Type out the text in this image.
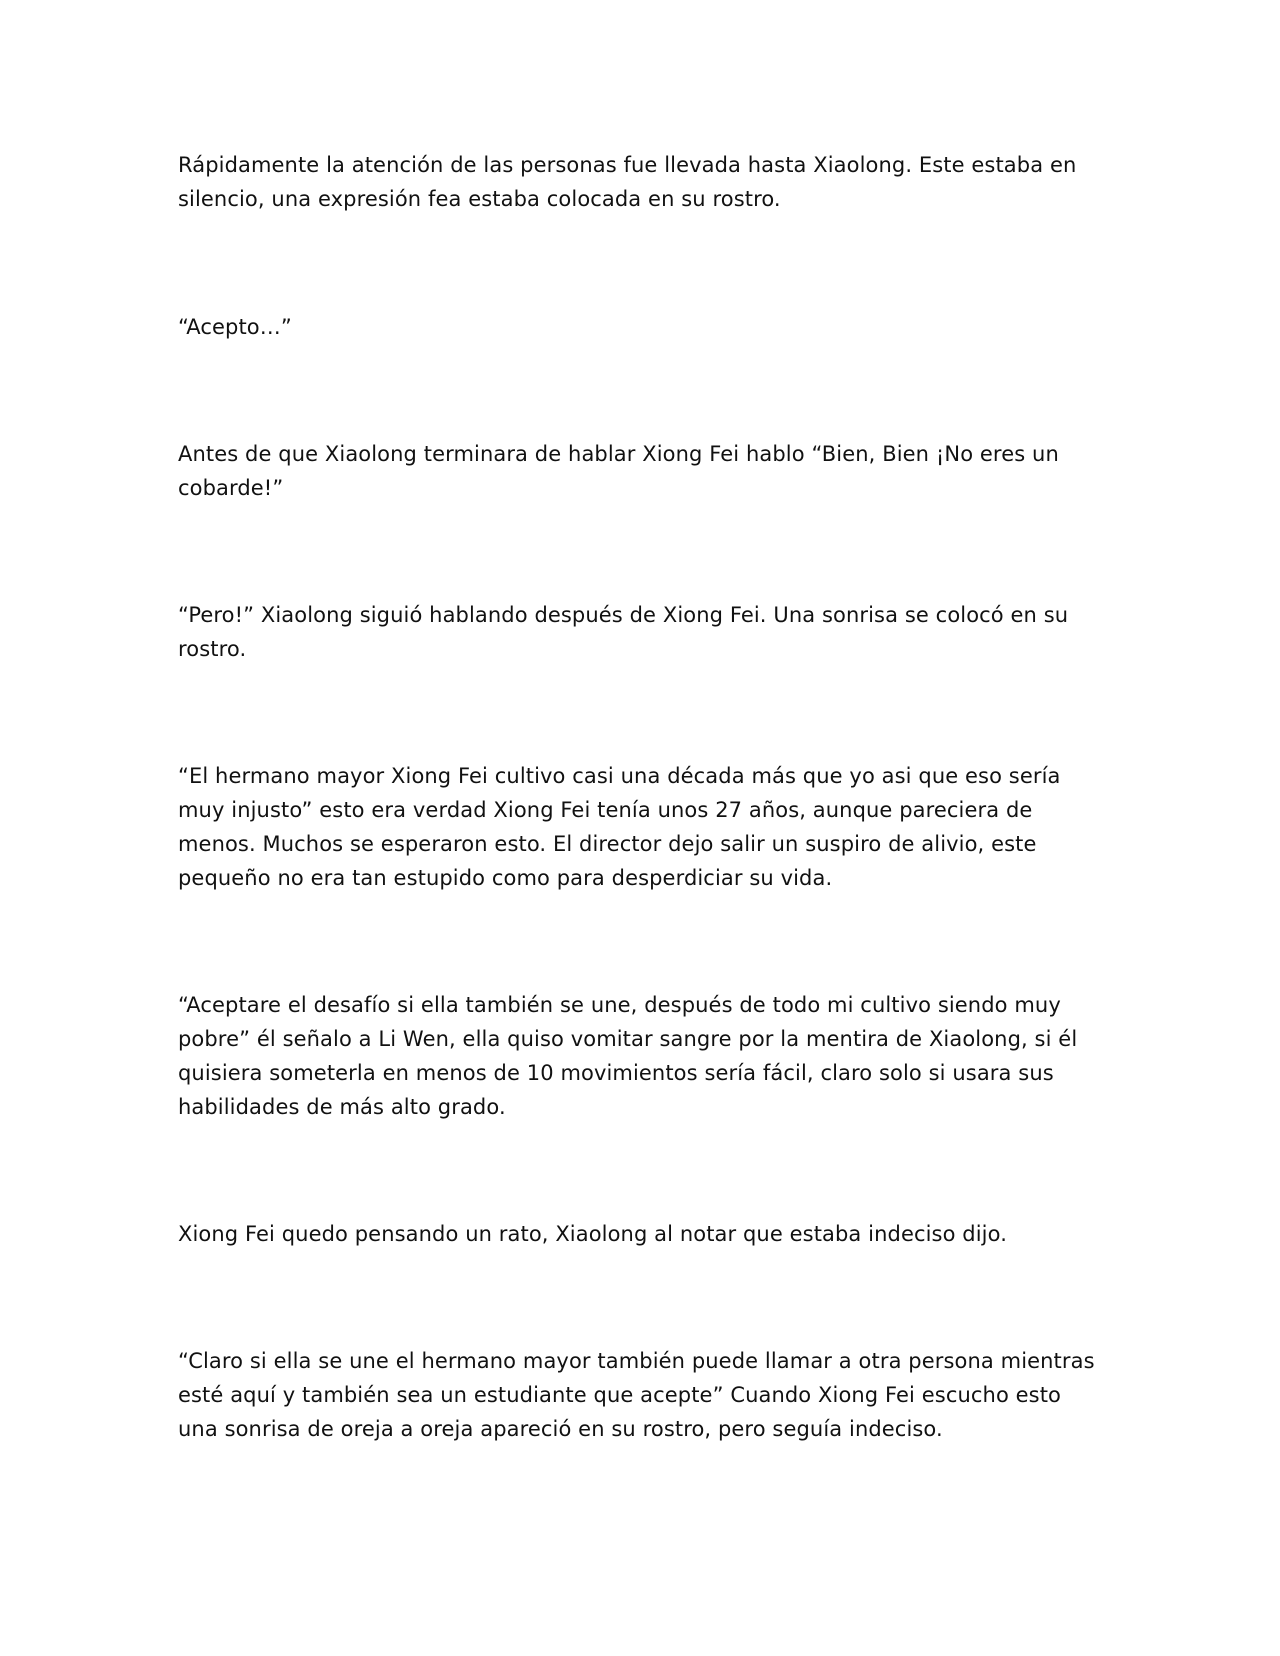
Rápidamente la atención de las personas fue llevada hasta Xiaolong. Este estaba en silencio, una expresión fea estaba colocada en su rostro.

“Acepto…”

Antes de que Xiaolong terminara de hablar Xiong Fei hablo “Bien, Bien ¡No eres un cobarde!”

“Pero!” Xiaolong siguió hablando después de Xiong Fei. Una sonrisa se colocó en su rostro.

“El hermano mayor Xiong Fei cultivo casi una década más que yo asi que eso sería muy injusto” esto era verdad Xiong Fei tenía unos 27 años, aunque pareciera de menos. Muchos se esperaron esto. El director dejo salir un suspiro de alivio, este pequeño no era tan estupido como para desperdiciar su vida.

“Aceptare el desafío si ella también se une, después de todo mi cultivo siendo muy pobre” él señalo a Li Wen, ella quiso vomitar sangre por la mentira de Xiaolong, si él quisiera someterla en menos de 10 movimientos sería fácil, claro solo si usara sus habilidades de más alto grado.

Xiong Fei quedo pensando un rato, Xiaolong al notar que estaba indeciso dijo.

“Claro si ella se une el hermano mayor también puede llamar a otra persona mientras esté aquí y también sea un estudiante que acepte” Cuando Xiong Fei escucho esto una sonrisa de oreja a oreja apareció en su rostro, pero seguía indeciso.
